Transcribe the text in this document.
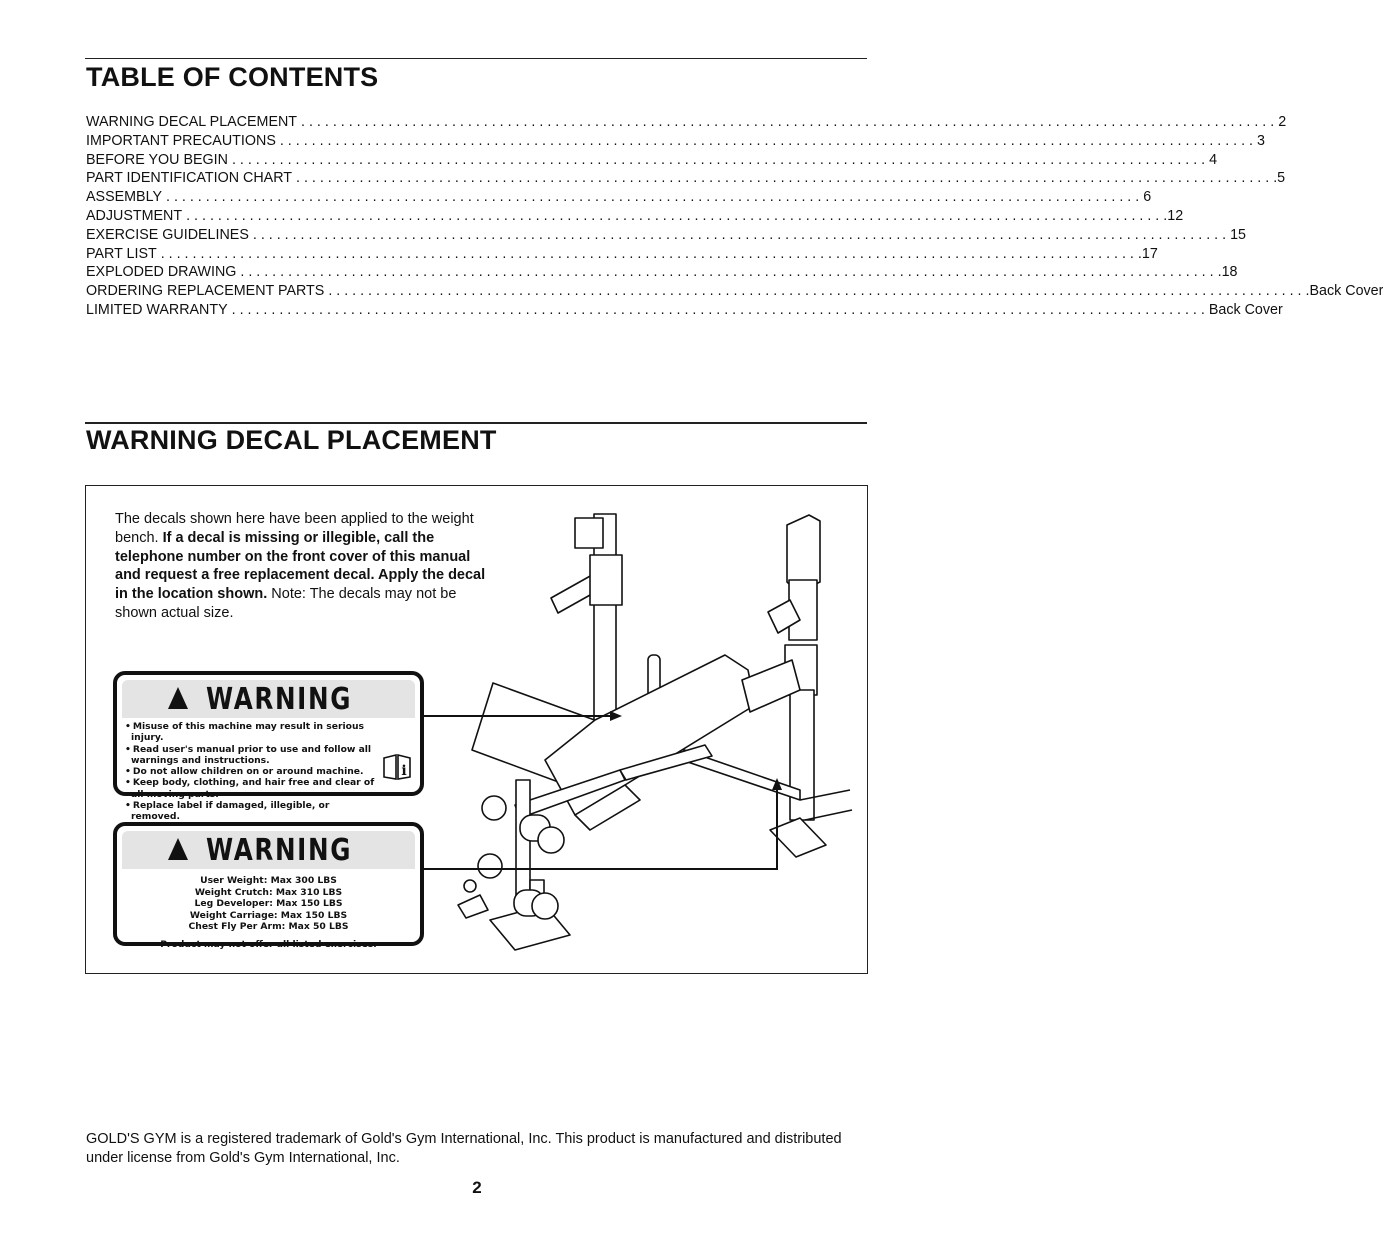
TABLE OF CONTENTS
WARNING DECAL PLACEMENT . . .	2
IMPORTANT PRECAUTIONS . . .	3
BEFORE YOU BEGIN . . .	4
PART IDENTIFICATION CHART . . .	.5
ASSEMBLY . . .	6
ADJUSTMENT . . .	.12
EXERCISE GUIDELINES . . .	15
PART LIST . . .	.17
EXPLODED DRAWING . . .	.18
ORDERING REPLACEMENT PARTS . . .	.Back Cover
LIMITED WARRANTY . . .	Back Cover
WARNING DECAL PLACEMENT
The decals shown here have been applied to the weight bench. If a decal is missing or illegible, call the telephone number on the front cover of this manual and request a free replacement decal. Apply the decal in the location shown. Note: The decals may not be shown actual size.
WARNING
• Misuse of this machine may result in serious injury.
• Read user's manual prior to use and follow all warnings and instructions.
• Do not allow children on or around machine.
• Keep body, clothing, and hair free and clear of all moving parts.
• Replace label if damaged, illegible, or removed.
i
WARNING
User Weight: Max 300 LBS
Weight Crutch: Max 310 LBS
Leg Developer: Max 150 LBS
Weight Carriage: Max 150 LBS
Chest Fly Per Arm: Max 50 LBS
Product may not offer all listed exercises.
GOLD'S GYM is a registered trademark of Gold's Gym International, Inc. This product is manufactured and distributed under license from Gold's Gym International, Inc.
2
